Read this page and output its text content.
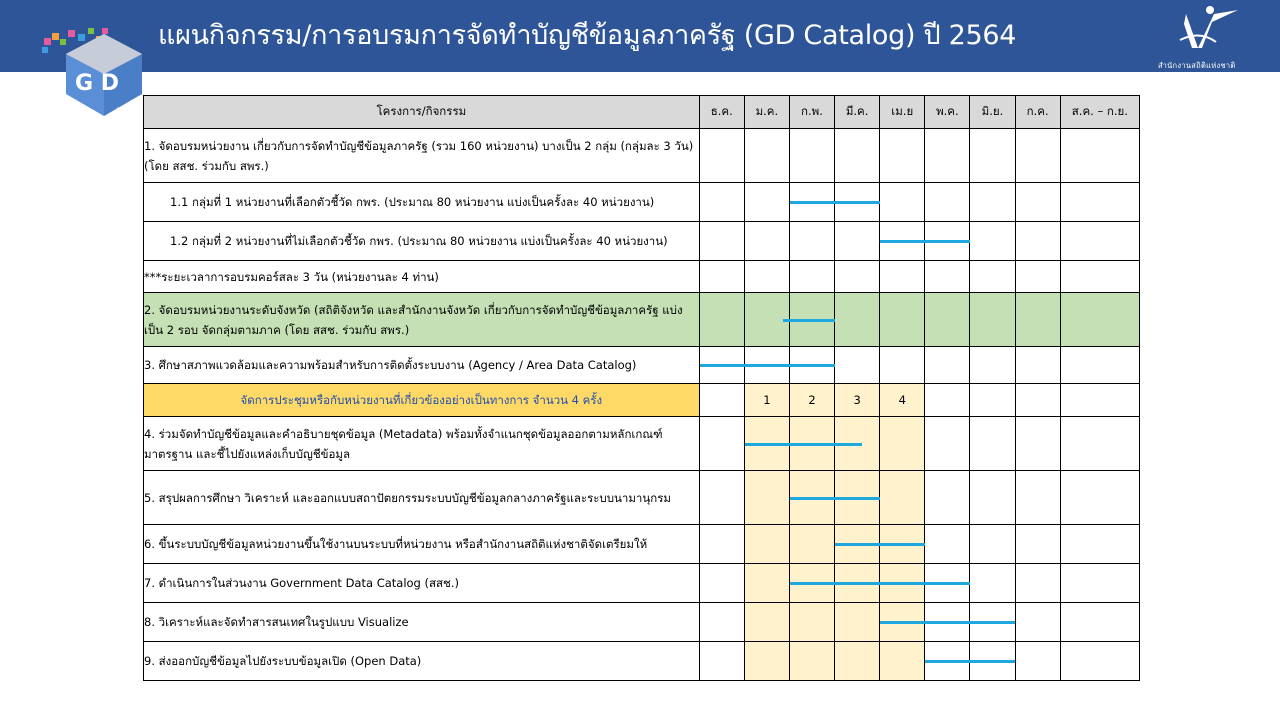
แผนกิจกรรม/การอบรมการจัดทำบัญชีข้อมูลภาครัฐ (GD Catalog) ปี 2564
G D
CATALOG
สำนักงานสถิติแห่งชาติ
โครงการ/กิจกรรม	ธ.ค.	ม.ค.	ก.พ.	มี.ค.	เม.ย	พ.ค.	มิ.ย.	ก.ค.	ส.ค. – ก.ย.
1. จัดอบรมหน่วยงาน เกี่ยวกับการจัดทำบัญชีข้อมูลภาครัฐ (รวม 160 หน่วยงาน) บางเป็น 2 กลุ่ม (กลุ่มละ 3 วัน) (โดย สสช. ร่วมกับ สพร.)									
1.1 กลุ่มที่ 1 หน่วยงานที่เลือกตัวชี้วัด กพร. (ประมาณ 80 หน่วยงาน แบ่งเป็นครั้งละ 40 หน่วยงาน)	

1.2 กลุ่มที่ 2 หน่วยงานที่ไม่เลือกตัวชี้วัด กพร. (ประมาณ 80 หน่วยงาน แบ่งเป็นครั้งละ 40 หน่วยงาน)	

***ระยะเวลาการอบรมคอร์สละ 3 วัน (หน่วยงานละ 4 ท่าน)									
2. จัดอบรมหน่วยงานระดับจังหวัด (สถิติจังหวัด และสำนักงานจังหวัด เกี่ยวกับการจัดทำบัญชีข้อมูลภาครัฐ แบ่งเป็น 2 รอบ จัดกลุ่มตามภาค (โดย สสช. ร่วมกับ สพร.)	

3. ศึกษาสภาพแวดล้อมและความพร้อมสำหรับการติดตั้งระบบงาน (Agency / Area Data Catalog)	

จัดการประชุมหรือกับหน่วยงานที่เกี่ยวข้องอย่างเป็นทางการ จำนวน 4 ครั้ง		1	2	3	4				
4. ร่วมจัดทำบัญชีข้อมูลและคำอธิบายชุดข้อมูล (Metadata) พร้อมทั้งจำแนกชุดข้อมูลออกตามหลักเกณฑ์ มาตรฐาน และชี้ไปยังแหล่งเก็บบัญชีข้อมูล	

5. สรุปผลการศึกษา วิเคราะห์ และออกแบบสถาปัตยกรรมระบบบัญชีข้อมูลกลางภาครัฐและระบบนามานุกรม	

6. ขึ้นระบบบัญชีข้อมูลหน่วยงานขึ้นใช้งานบนระบบที่หน่วยงาน หรือสำนักงานสถิติแห่งชาติจัดเตรียมให้	

7. ดำเนินการในส่วนงาน Government Data Catalog (สสช.)	

8. วิเคราะห์และจัดทำสารสนเทศในรูปแบบ Visualize	

9. ส่งออกบัญชีข้อมูลไปยังระบบข้อมูลเปิด (Open Data)	
